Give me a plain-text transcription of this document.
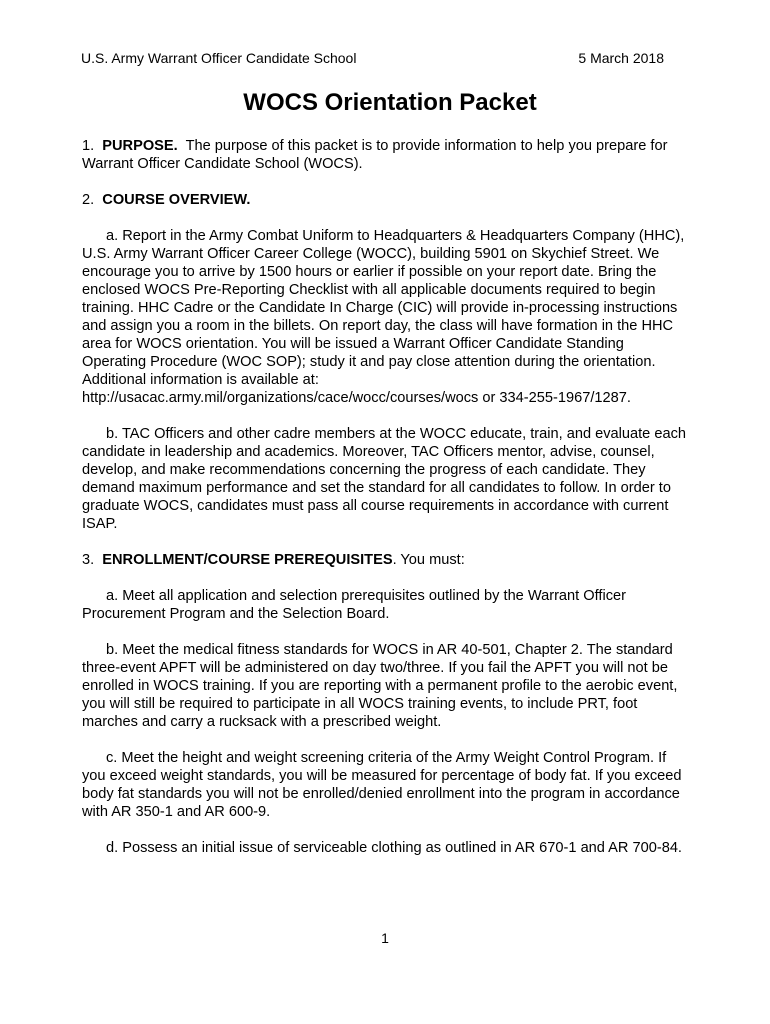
U.S. Army Warrant Officer Candidate School	5 March 2018
WOCS Orientation Packet

1. PURPOSE. The purpose of this packet is to provide information to help you prepare for Warrant Officer Candidate School (WOCS).

2. COURSE OVERVIEW.

a. Report in the Army Combat Uniform to Headquarters & Headquarters Company (HHC), U.S. Army Warrant Officer Career College (WOCC), building 5901 on Skychief Street. We encourage you to arrive by 1500 hours or earlier if possible on your report date. Bring the enclosed WOCS Pre-Reporting Checklist with all applicable documents required to begin training. HHC Cadre or the Candidate In Charge (CIC) will provide in-processing instructions and assign you a room in the billets. On report day, the class will have formation in the HHC area for WOCS orientation. You will be issued a Warrant Officer Candidate Standing Operating Procedure (WOC SOP); study it and pay close attention during the orientation. Additional information is available at: http://usacac.army.mil/organizations/cace/wocc/courses/wocs or 334-255-1967/1287.

b. TAC Officers and other cadre members at the WOCC educate, train, and evaluate each candidate in leadership and academics. Moreover, TAC Officers mentor, advise, counsel, develop, and make recommendations concerning the progress of each candidate. They demand maximum performance and set the standard for all candidates to follow. In order to graduate WOCS, candidates must pass all course requirements in accordance with current ISAP.

3. ENROLLMENT/COURSE PREREQUISITES. You must:

a. Meet all application and selection prerequisites outlined by the Warrant Officer Procurement Program and the Selection Board.

b. Meet the medical fitness standards for WOCS in AR 40-501, Chapter 2. The standard three-event APFT will be administered on day two/three. If you fail the APFT you will not be enrolled in WOCS training. If you are reporting with a permanent profile to the aerobic event, you will still be required to participate in all WOCS training events, to include PRT, foot marches and carry a rucksack with a prescribed weight.

c. Meet the height and weight screening criteria of the Army Weight Control Program. If you exceed weight standards, you will be measured for percentage of body fat. If you exceed body fat standards you will not be enrolled/denied enrollment into the program in accordance with AR 350-1 and AR 600-9.

d. Possess an initial issue of serviceable clothing as outlined in AR 670-1 and AR 700-84.

1
